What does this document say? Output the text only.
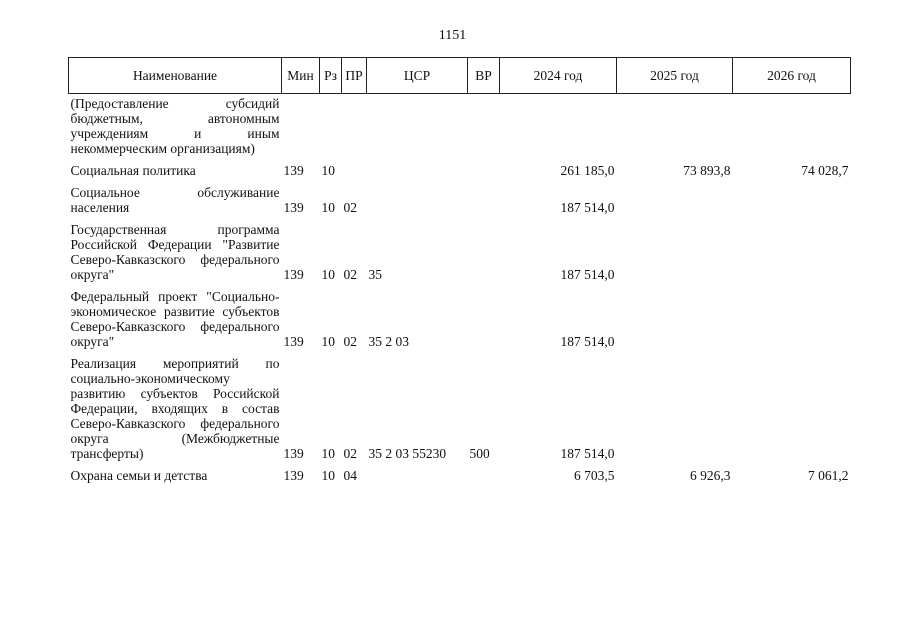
1151
Наименование	Мин	Рз	ПР	ЦСР	ВР	2024 год	2025 год	2026 год
(Предоставление субсидий бюджетным, автономным учреждениям и иным некоммерческим организациям)								
Социальная политика	139	10				261 185,0	73 893,8	74 028,7
Социальное обслуживание населения	139	10	02			187 514,0		
Государственная программа Российской Федерации "Развитие Северо-Кавказского федерального округа"	139	10	02	35		187 514,0		
Федеральный проект "Социально-экономическое развитие субъектов Северо-Кавказского федерального округа"	139	10	02	35 2 03		187 514,0		
Реализация мероприятий по социально-экономическому развитию субъектов Российской Федерации, входящих в состав Северо-Кавказского федерального округа (Межбюджетные трансферты)	139	10	02	35 2 03 55230	500	187 514,0		
Охрана семьи и детства	139	10	04			6 703,5	6 926,3	7 061,2
